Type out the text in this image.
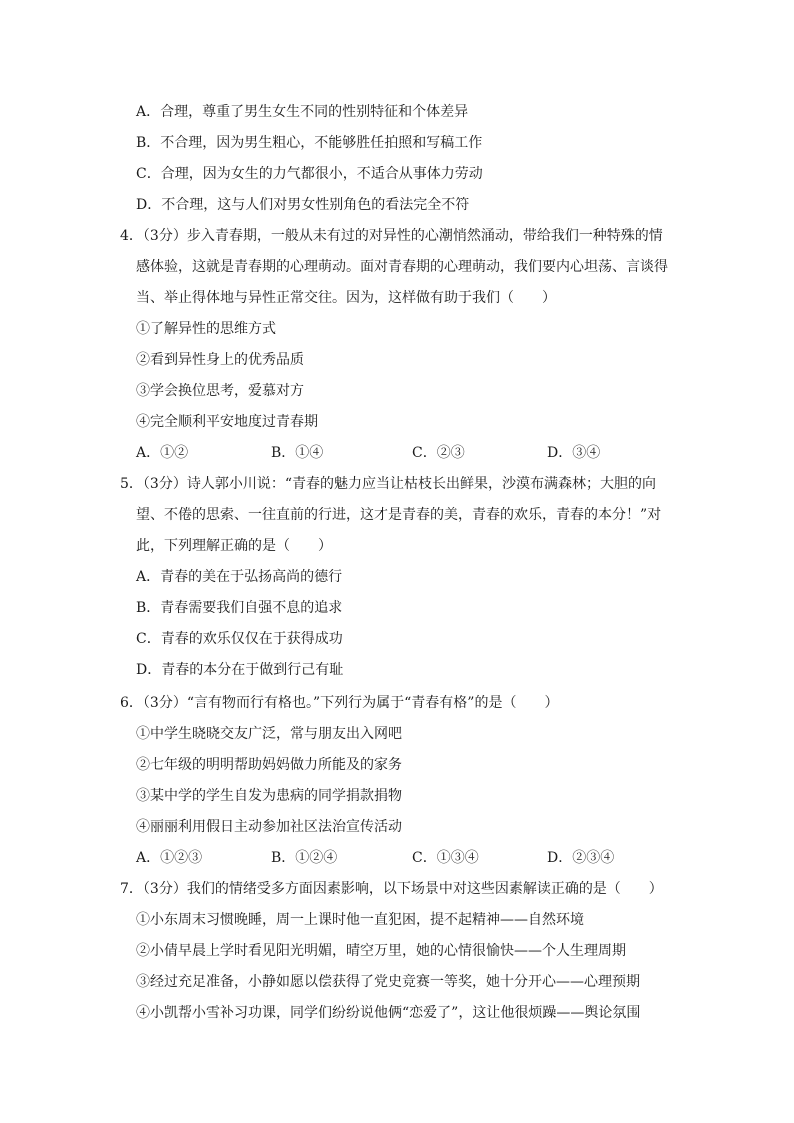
A．合理，尊重了男生女生不同的性别特征和个体差异
B．不合理，因为男生粗心，不能够胜任拍照和写稿工作
C．合理，因为女生的力气都很小，不适合从事体力劳动
D．不合理，这与人们对男女性别角色的看法完全不符
4．（3分）步入青春期，一般从未有过的对异性的心潮悄然涌动，带给我们一种特殊的情
感体验，这就是青春期的心理萌动。面对青春期的心理萌动，我们要内心坦荡、言谈得
当、举止得体地与异性正常交往。因为，这样做有助于我们（　　）
①了解异性的思维方式
②看到异性身上的优秀品质
③学会换位思考，爱慕对方
④完全顺利平安地度过青春期
A．①②	B．①④	C．②③	D．③④
5．（3分）诗人郭小川说：“青春的魅力应当让枯枝长出鲜果，沙漠布满森林；大胆的向
望、不倦的思索、一往直前的行进，这才是青春的美，青春的欢乐，青春的本分！”对
此，下列理解正确的是（　　）
A．青春的美在于弘扬高尚的德行
B．青春需要我们自强不息的追求
C．青春的欢乐仅仅在于获得成功
D．青春的本分在于做到行己有耻
6．（3分）“言有物而行有格也。”下列行为属于“青春有格”的是（　　）
①中学生晓晓交友广泛，常与朋友出入网吧
②七年级的明明帮助妈妈做力所能及的家务
③某中学的学生自发为患病的同学捐款捐物
④丽丽利用假日主动参加社区法治宣传活动
A．①②③	B．①②④	C．①③④	D．②③④
7．（3分）我们的情绪受多方面因素影响，以下场景中对这些因素解读正确的是（　　）
①小东周末习惯晚睡，周一上课时他一直犯困，提不起精神——自然环境
②小倩早晨上学时看见阳光明媚，晴空万里，她的心情很愉快——个人生理周期
③经过充足准备，小静如愿以偿获得了党史竞赛一等奖，她十分开心——心理预期
④小凯帮小雪补习功课，同学们纷纷说他俩“恋爱了”，这让他很烦躁——舆论氛围
